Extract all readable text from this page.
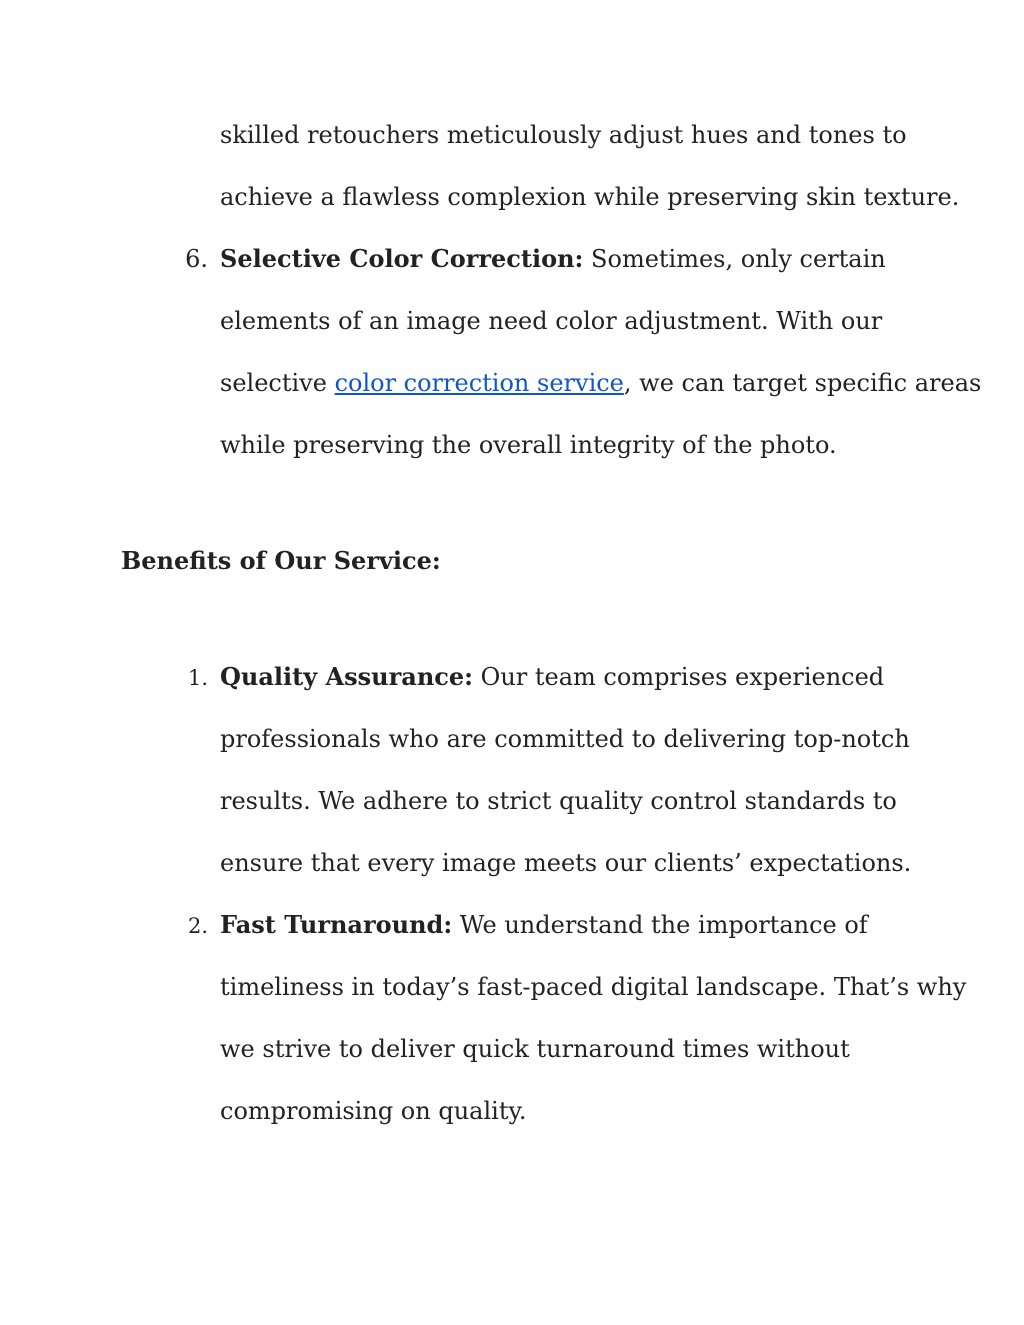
skilled retouchers meticulously adjust hues and tones to

achieve a flawless complexion while preserving skin texture.

6. Selective Color Correction: Sometimes, only certain

elements of an image need color adjustment. With our

selective color correction service, we can target specific areas

while preserving the overall integrity of the photo.

Benefits of Our Service:
1. Quality Assurance: Our team comprises experienced

professionals who are committed to delivering top-notch

results. We adhere to strict quality control standards to

ensure that every image meets our clients’ expectations.

2. Fast Turnaround: We understand the importance of

timeliness in today’s fast-paced digital landscape. That’s why

we strive to deliver quick turnaround times without

compromising on quality.
